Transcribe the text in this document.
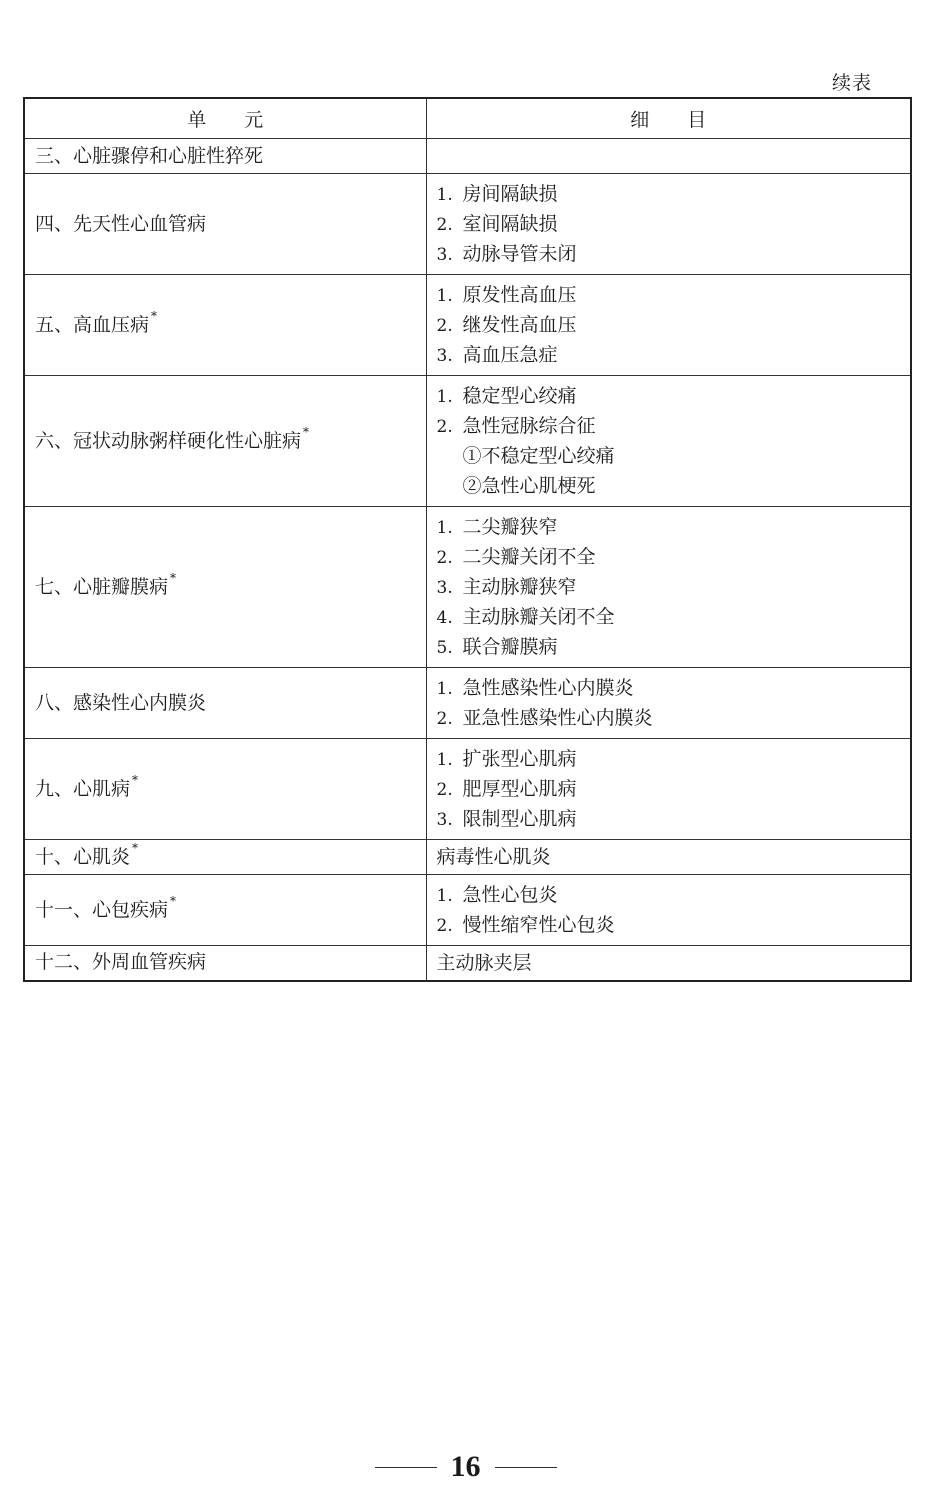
续表
单　　元	细　　目
三、心脏骤停和心脏性猝死	
四、先天性心血管病	1. 房间隔缺损
2. 室间隔缺损
3. 动脉导管未闭

五、高血压病 *	1. 原发性高血压
2. 继发性高血压
3. 高血压急症

六、冠状动脉粥样硬化性心脏病 *	1. 稳定型心绞痛
2. 急性冠脉综合征
①不稳定型心绞痛
②急性心肌梗死

七、心脏瓣膜病 *	1. 二尖瓣狭窄
2. 二尖瓣关闭不全
3. 主动脉瓣狭窄
4. 主动脉瓣关闭不全
5. 联合瓣膜病

八、感染性心内膜炎	1. 急性感染性心内膜炎
2. 亚急性感染性心内膜炎

九、心肌病 *	1. 扩张型心肌病
2. 肥厚型心肌病
3. 限制型心肌病

十、心肌炎 *	病毒性心肌炎

十一、心包疾病 *	1. 急性心包炎
2. 慢性缩窄性心包炎

十二、外周血管疾病	主动脉夹层
16
